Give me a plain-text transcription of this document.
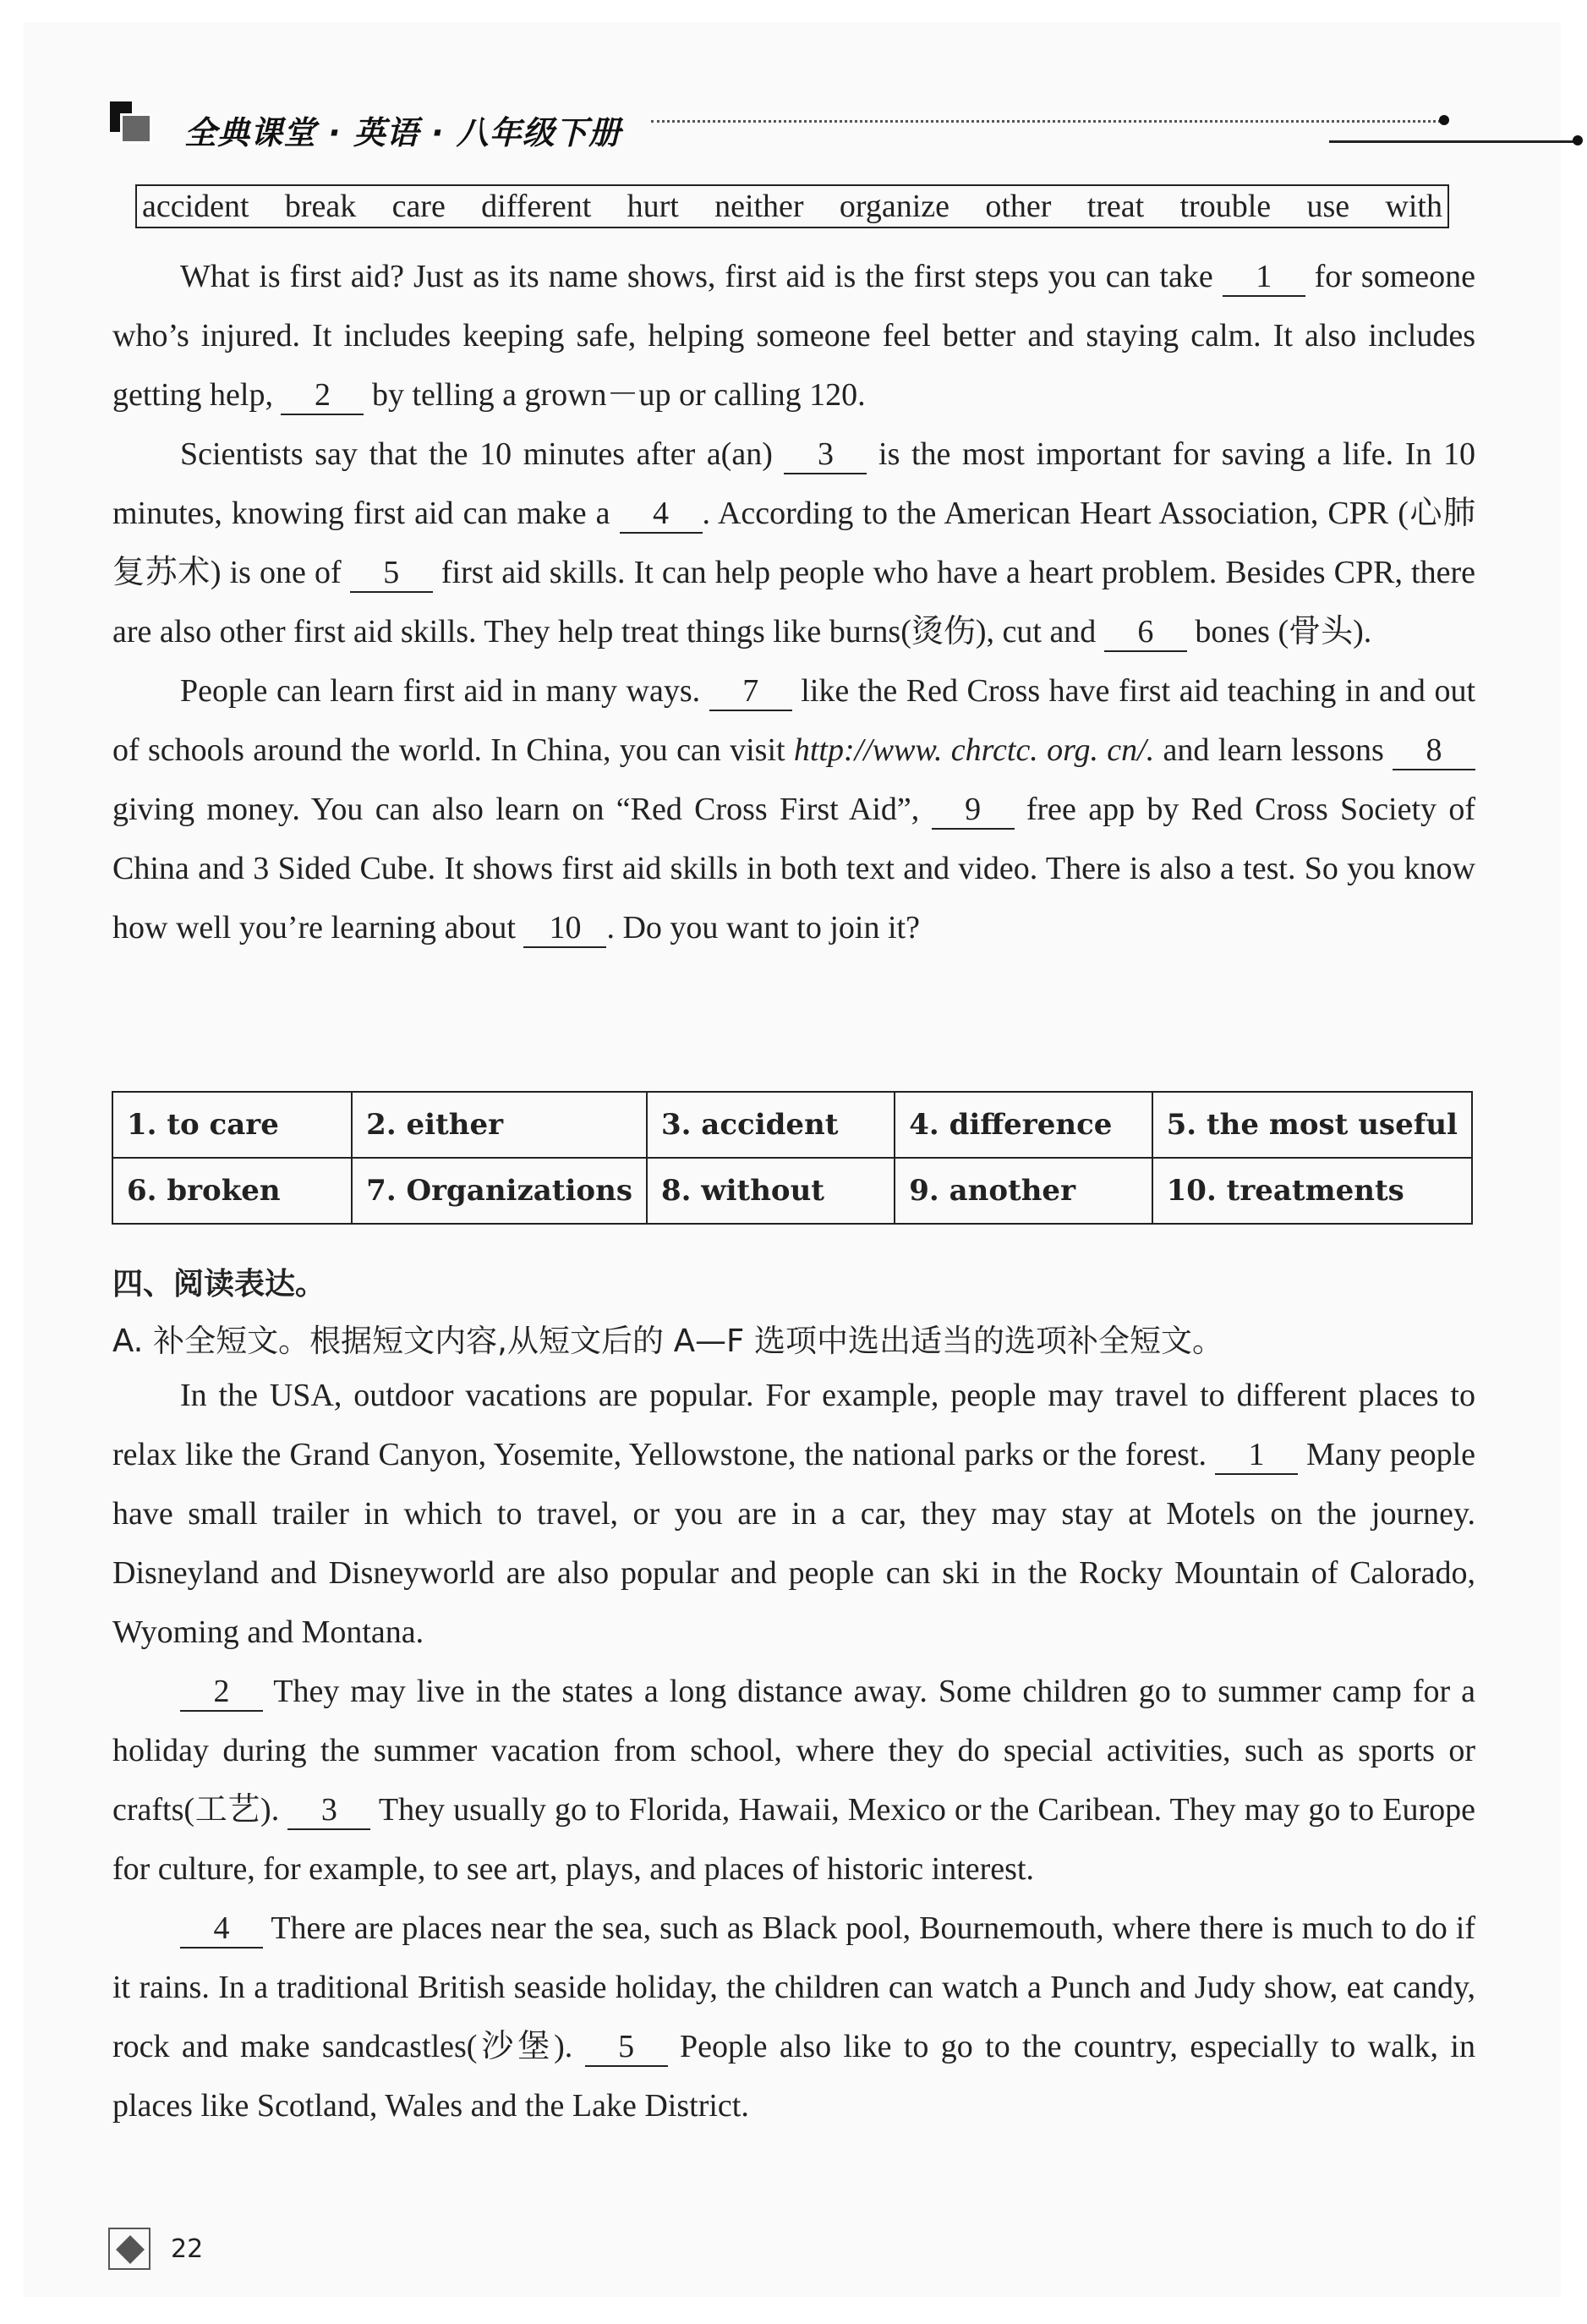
全典课堂 · 英语 · 八年级下册
accident break care different hurt neither organize other treat trouble use with

What is first aid? Just as its name shows, first aid is the first steps you can take 1 for someone who’s injured. It includes keeping safe, helping someone feel better and staying calm. It also includes getting help, 2 by telling a grown－up or calling 120.

Scientists say that the 10 minutes after a(an) 3 is the most important for saving a life. In 10 minutes, knowing first aid can make a 4 . According to the American Heart Association, CPR (心肺复苏术) is one of 5 first aid skills. It can help people who have a heart problem. Besides CPR, there are also other first aid skills. They help treat things like burns(烫伤), cut and 6 bones (骨头).

People can learn first aid in many ways. 7 like the Red Cross have first aid teaching in and out of schools around the world. In China, you can visit http://www. chrctc. org. cn/. and learn lessons 8 giving money. You can also learn on “Red Cross First Aid”, 9 free app by Red Cross Society of China and 3 Sided Cube. It shows first aid skills in both text and video. There is also a test. So you know how well you’re learning about 10 . Do you want to join it?

1. to care	2. either	3. accident	4. difference	5. the most useful
6. broken	7. Organizations	8. without	9. another	10. treatments
四、阅读表达。
A. 补全短文。根据短文内容,从短文后的 A—F 选项中选出适当的选项补全短文。

In the USA, outdoor vacations are popular. For example, people may travel to different places to relax like the Grand Canyon, Yosemite, Yellowstone, the national parks or the forest. 1 Many people have small trailer in which to travel, or you are in a car, they may stay at Motels on the journey. Disneyland and Disneyworld are also popular and people can ski in the Rocky Mountain of Calorado, Wyoming and Montana.

2 They may live in the states a long distance away. Some children go to summer camp for a holiday during the summer vacation from school, where they do special activities, such as sports or crafts(工艺). 3 They usually go to Florida, Hawaii, Mexico or the Caribean. They may go to Europe for culture, for example, to see art, plays, and places of historic interest.

4 There are places near the sea, such as Black pool, Bournemouth, where there is much to do if it rains. In a traditional British seaside holiday, the children can watch a Punch and Judy show, eat candy, rock and make sandcastles(沙堡). 5 People also like to go to the country, especially to walk, in places like Scotland, Wales and the Lake District.

22
